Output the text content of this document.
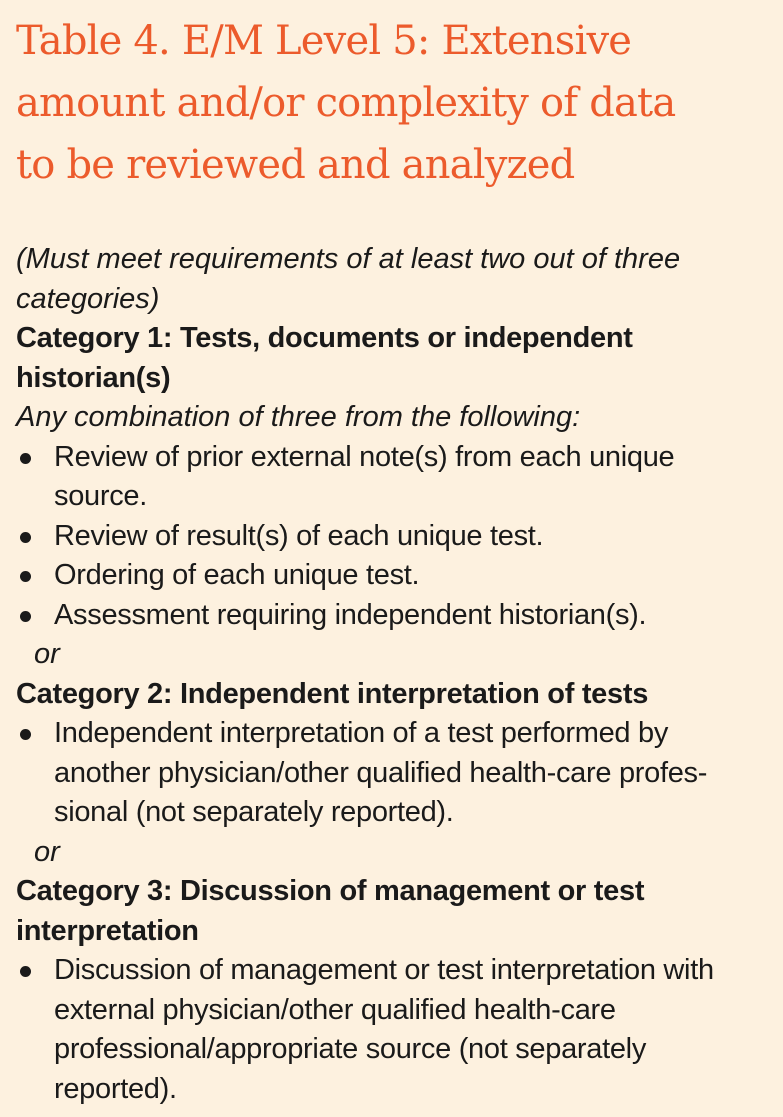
Table 4. E/M Level 5: Extensive
amount and/or complexity of data
to be reviewed and analyzed

(Must meet requirements of at least two out of three categories)

Category 1: Tests, documents or independent historian(s)

Any combination of three from the following:

Review of prior external note(s) from each unique source.
Review of result(s) of each unique test.
Ordering of each unique test.
Assessment requiring independent historian(s).

or

Category 2: Independent interpretation of tests

Independent interpretation of a test performed by another physician/other qualified health-care profes- sional (not separately reported).

or

Category 3: Discussion of management or test interpretation

Discussion of management or test interpretation with external physician/other qualified health-care professional/appropriate source (not separately reported).
